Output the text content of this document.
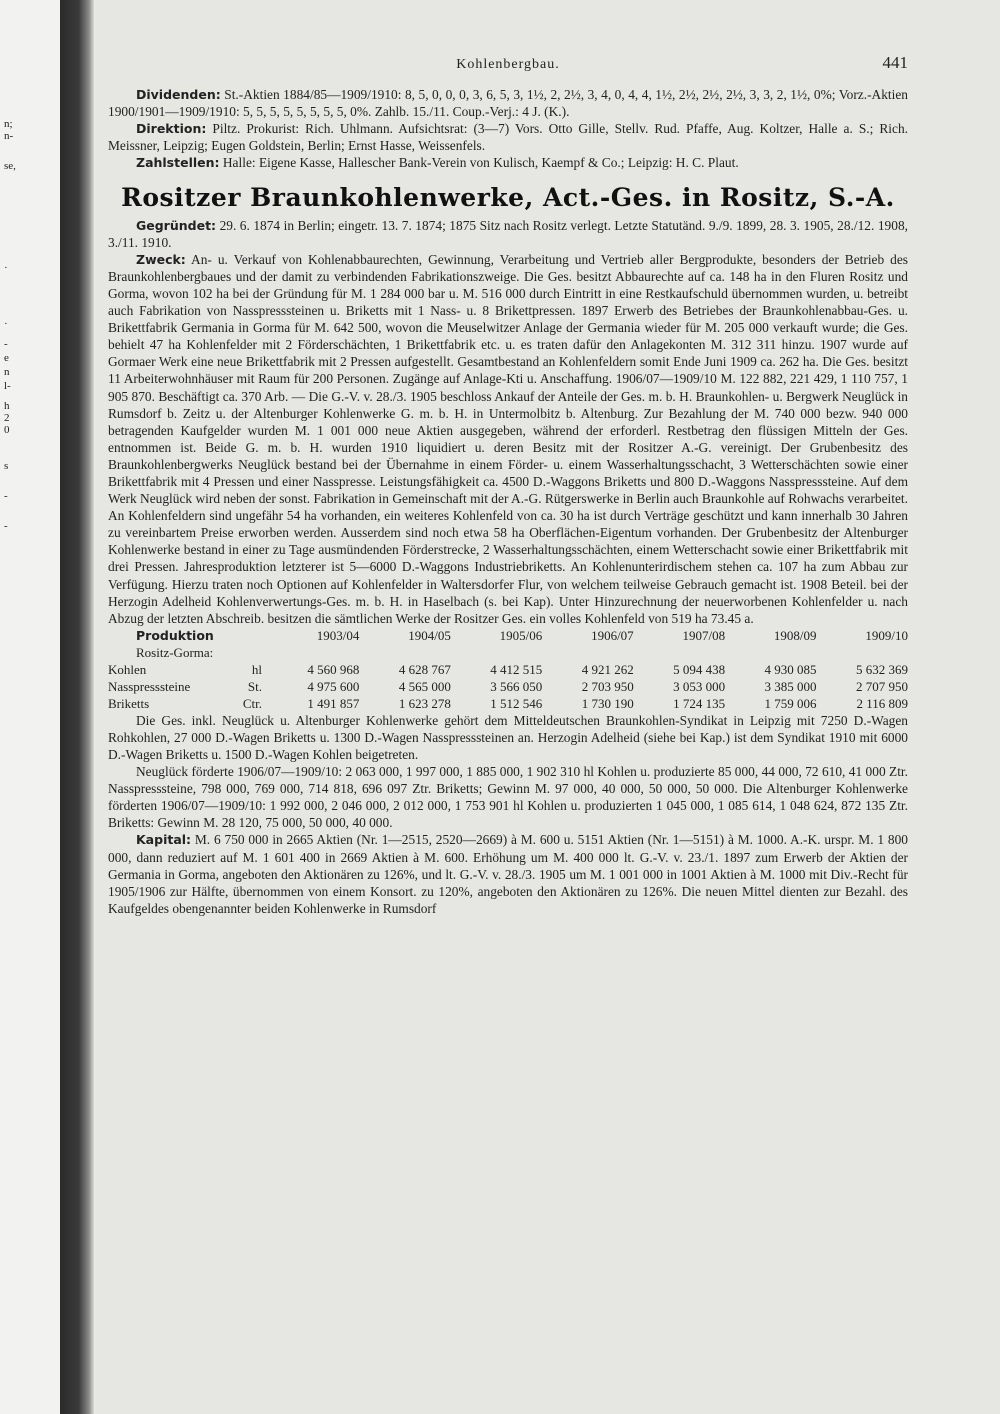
n;
n-
se,
·
·
-
e
n
l-
h
2
0
s
-
-
Kohlenbergbau.	441

Dividenden: St.-Aktien 1884/85—1909/1910: 8, 5, 0, 0, 0, 3, 6, 5, 3, 1½, 2, 2½, 3, 4, 0, 4, 4, 1½, 2½, 2½, 2½, 3, 3, 2, 1½, 0%; Vorz.-Aktien 1900/1901—1909/1910: 5, 5, 5, 5, 5, 5, 5, 5, 0%. Zahlb. 15./11. Coup.-Verj.: 4 J. (K.).

Direktion: Piltz. Prokurist: Rich. Uhlmann. Aufsichtsrat: (3—7) Vors. Otto Gille, Stellv. Rud. Pfaffe, Aug. Koltzer, Halle a. S.; Rich. Meissner, Leipzig; Eugen Goldstein, Berlin; Ernst Hasse, Weissenfels.

Zahlstellen: Halle: Eigene Kasse, Hallescher Bank-Verein von Kulisch, Kaempf & Co.; Leipzig: H. C. Plaut.

Rositzer Braunkohlenwerke, Act.-Ges. in Rositz, S.-A.

Gegründet: 29. 6. 1874 in Berlin; eingetr. 13. 7. 1874; 1875 Sitz nach Rositz verlegt. Letzte Statutänd. 9./9. 1899, 28. 3. 1905, 28./12. 1908, 3./11. 1910.

Zweck: An- u. Verkauf von Kohlenabbaurechten, Gewinnung, Verarbeitung und Vertrieb aller Bergprodukte, besonders der Betrieb des Braunkohlenbergbaues und der damit zu verbindenden Fabrikationszweige. Die Ges. besitzt Abbaurechte auf ca. 148 ha in den Fluren Rositz und Gorma, wovon 102 ha bei der Gründung für M. 1 284 000 bar u. M. 516 000 durch Eintritt in eine Restkaufschuld übernommen wurden, u. betreibt auch Fabrikation von Nasspresssteinen u. Briketts mit 1 Nass- u. 8 Brikettpressen. 1897 Erwerb des Betriebes der Braunkohlenabbau-Ges. u. Brikettfabrik Germania in Gorma für M. 642 500, wovon die Meuselwitzer Anlage der Germania wieder für M. 205 000 verkauft wurde; die Ges. behielt 47 ha Kohlenfelder mit 2 Förderschächten, 1 Brikettfabrik etc. u. es traten dafür den Anlagekonten M. 312 311 hinzu. 1907 wurde auf Gormaer Werk eine neue Brikettfabrik mit 2 Pressen aufgestellt. Gesamtbestand an Kohlenfeldern somit Ende Juni 1909 ca. 262 ha. Die Ges. besitzt 11 Arbeiterwohnhäuser mit Raum für 200 Personen. Zugänge auf Anlage-Kti u. Anschaffung. 1906/07—1909/10 M. 122 882, 221 429, 1 110 757, 1 905 870. Beschäftigt ca. 370 Arb. — Die G.-V. v. 28./3. 1905 beschloss Ankauf der Anteile der Ges. m. b. H. Braunkohlen- u. Bergwerk Neuglück in Rumsdorf b. Zeitz u. der Altenburger Kohlenwerke G. m. b. H. in Untermolbitz b. Altenburg. Zur Bezahlung der M. 740 000 bezw. 940 000 betragenden Kaufgelder wurden M. 1 001 000 neue Aktien ausgegeben, während der erforderl. Restbetrag den flüssigen Mitteln der Ges. entnommen ist. Beide G. m. b. H. wurden 1910 liquidiert u. deren Besitz mit der Rositzer A.-G. vereinigt. Der Grubenbesitz des Braunkohlenbergwerks Neuglück bestand bei der Übernahme in einem Förder- u. einem Wasserhaltungsschacht, 3 Wetterschächten sowie einer Brikettfabrik mit 4 Pressen und einer Nasspresse. Leistungsfähigkeit ca. 4500 D.-Waggons Briketts und 800 D.-Waggons Nasspresssteine. Auf dem Werk Neuglück wird neben der sonst. Fabrikation in Gemeinschaft mit der A.-G. Rütgerswerke in Berlin auch Braunkohle auf Rohwachs verarbeitet. An Kohlenfeldern sind ungefähr 54 ha vorhanden, ein weiteres Kohlenfeld von ca. 30 ha ist durch Verträge geschützt und kann innerhalb 30 Jahren zu vereinbartem Preise erworben werden. Ausserdem sind noch etwa 58 ha Oberflächen-Eigentum vorhanden. Der Grubenbesitz der Altenburger Kohlenwerke bestand in einer zu Tage ausmündenden Förderstrecke, 2 Wasserhaltungsschächten, einem Wetterschacht sowie einer Brikettfabrik mit drei Pressen. Jahresproduktion letzterer ist 5—6000 D.-Waggons Industriebriketts. An Kohlenunterirdischem stehen ca. 107 ha zum Abbau zur Verfügung. Hierzu traten noch Optionen auf Kohlenfelder in Waltersdorfer Flur, von welchem teilweise Gebrauch gemacht ist. 1908 Beteil. bei der Herzogin Adelheid Kohlenverwertungs-Ges. m. b. H. in Haselbach (s. bei Kap). Unter Hinzurechnung der neuerworbenen Kohlenfelder u. nach Abzug der letzten Abschreib. besitzen die sämtlichen Werke der Rositzer Ges. ein volles Kohlenfeld von 519 ha 73.45 a.

Produktion		1903/04	1904/05	1905/06	1906/07	1907/08	1908/09	1909/10
Rositz-Gorma:								
Kohlen	hl	4 560 968	4 628 767	4 412 515	4 921 262	5 094 438	4 930 085	5 632 369
Nasspresssteine	St.	4 975 600	4 565 000	3 566 050	2 703 950	3 053 000	3 385 000	2 707 950
Briketts	Ctr.	1 491 857	1 623 278	1 512 546	1 730 190	1 724 135	1 759 006	2 116 809

Die Ges. inkl. Neuglück u. Altenburger Kohlenwerke gehört dem Mitteldeutschen Braunkohlen-Syndikat in Leipzig mit 7250 D.-Wagen Rohkohlen, 27 000 D.-Wagen Briketts u. 1300 D.-Wagen Nasspresssteinen an. Herzogin Adelheid (siehe bei Kap.) ist dem Syndikat 1910 mit 6000 D.-Wagen Briketts u. 1500 D.-Wagen Kohlen beigetreten.

Neuglück förderte 1906/07—1909/10: 2 063 000, 1 997 000, 1 885 000, 1 902 310 hl Kohlen u. produzierte 85 000, 44 000, 72 610, 41 000 Ztr. Nasspresssteine, 798 000, 769 000, 714 818, 696 097 Ztr. Briketts; Gewinn M. 97 000, 40 000, 50 000, 50 000. Die Altenburger Kohlenwerke förderten 1906/07—1909/10: 1 992 000, 2 046 000, 2 012 000, 1 753 901 hl Kohlen u. produzierten 1 045 000, 1 085 614, 1 048 624, 872 135 Ztr. Briketts: Gewinn M. 28 120, 75 000, 50 000, 40 000.

Kapital: M. 6 750 000 in 2665 Aktien (Nr. 1—2515, 2520—2669) à M. 600 u. 5151 Aktien (Nr. 1—5151) à M. 1000. A.-K. urspr. M. 1 800 000, dann reduziert auf M. 1 601 400 in 2669 Aktien à M. 600. Erhöhung um M. 400 000 lt. G.-V. v. 23./1. 1897 zum Erwerb der Aktien der Germania in Gorma, angeboten den Aktionären zu 126%, und lt. G.-V. v. 28./3. 1905 um M. 1 001 000 in 1001 Aktien à M. 1000 mit Div.-Recht für 1905/1906 zur Hälfte, übernommen von einem Konsort. zu 120%, angeboten den Aktionären zu 126%. Die neuen Mittel dienten zur Bezahl. des Kaufgeldes obengenannter beiden Kohlenwerke in Rumsdorf
